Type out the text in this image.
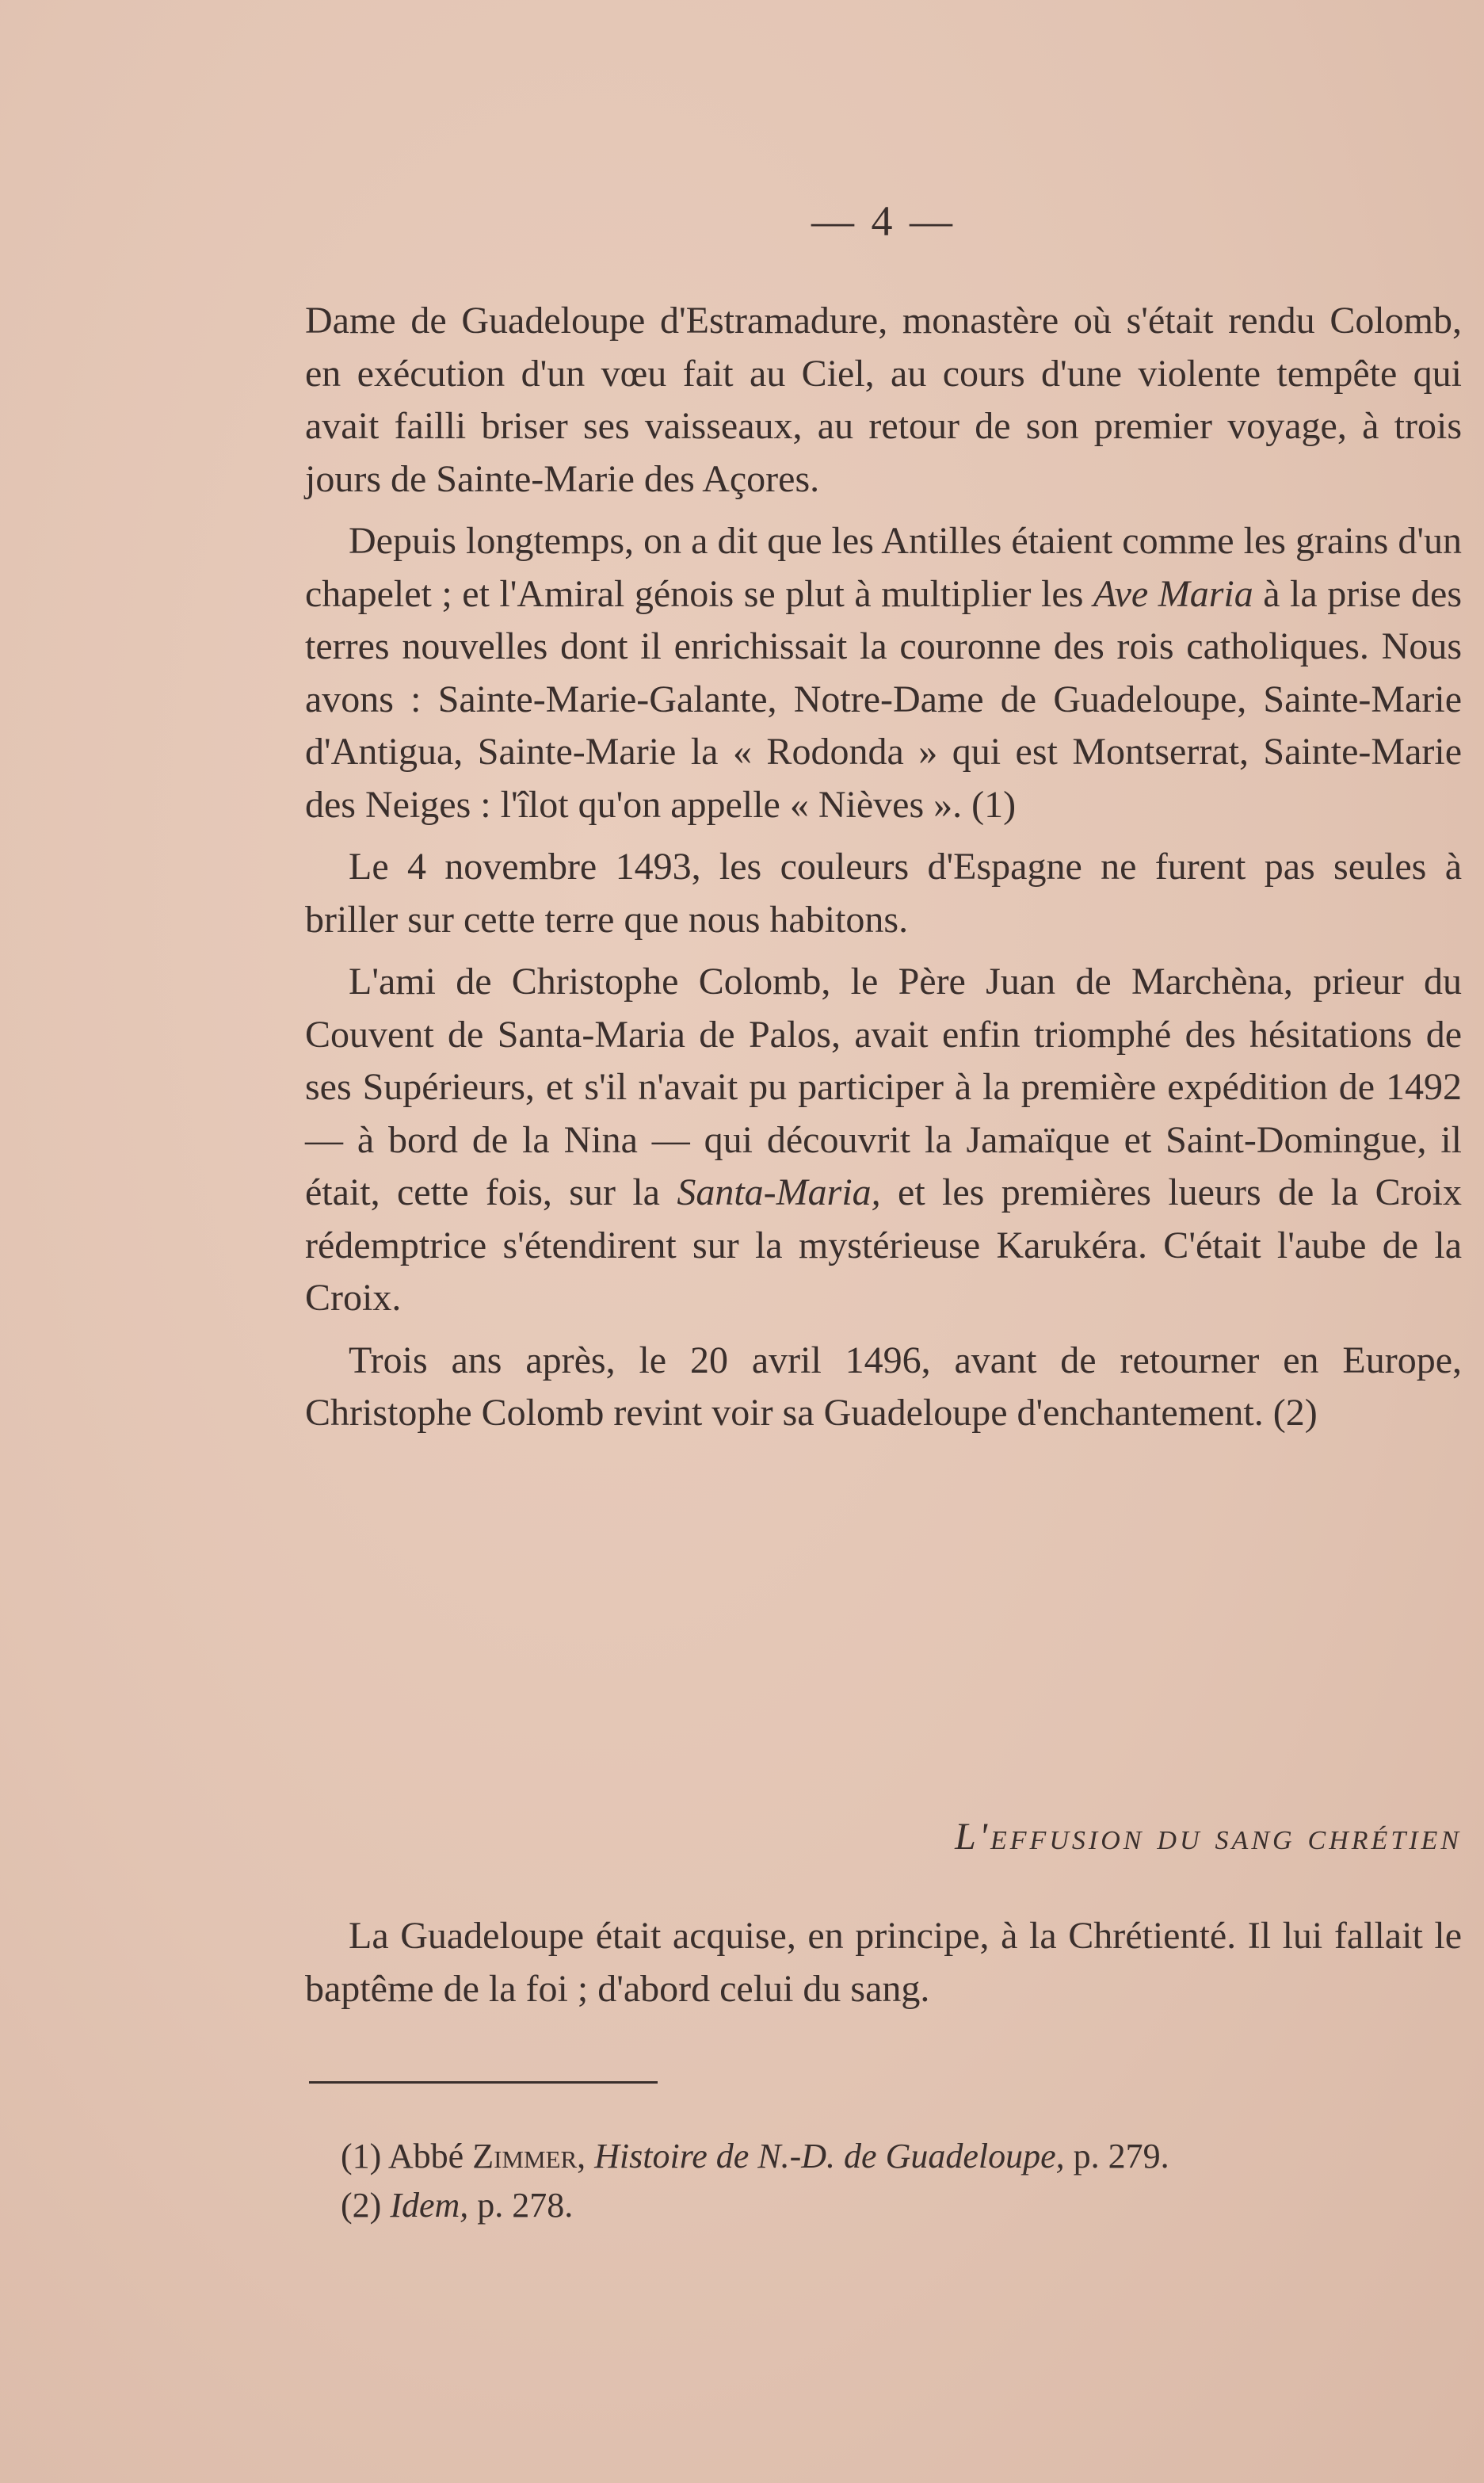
— 4 —

Dame de Guadeloupe d'Estramadure, monastère où s'était rendu Colomb, en exécution d'un vœu fait au Ciel, au cours d'une violente tempête qui avait failli briser ses vaisseaux, au retour de son premier voyage, à trois jours de Sainte-Marie des Açores.

Depuis longtemps, on a dit que les Antilles étaient comme les grains d'un chapelet ; et l'Amiral génois se plut à multiplier les Ave Maria à la prise des terres nouvelles dont il enrichissait la couronne des rois catholiques. Nous avons : Sainte-Marie-Galante, Notre-Dame de Guadeloupe, Sainte-Marie d'Antigua, Sainte-Marie la « Rodonda » qui est Montserrat, Sainte-Marie des Neiges : l'îlot qu'on appelle « Nièves ». (1)

Le 4 novembre 1493, les couleurs d'Espagne ne furent pas seules à briller sur cette terre que nous habitons.

L'ami de Christophe Colomb, le Père Juan de Marchèna, prieur du Couvent de Santa-Maria de Palos, avait enfin triomphé des hésitations de ses Supérieurs, et s'il n'avait pu participer à la première expédition de 1492 — à bord de la Nina — qui découvrit la Jamaïque et Saint-Domingue, il était, cette fois, sur la Santa-Maria, et les premières lueurs de la Croix rédemptrice s'étendirent sur la mystérieuse Karukéra. C'était l'aube de la Croix.

Trois ans après, le 20 avril 1496, avant de retourner en Europe, Christophe Colomb revint voir sa Guadeloupe d'enchantement. (2)

L'effusion du sang chrétien

La Guadeloupe était acquise, en principe, à la Chrétienté. Il lui fallait le baptême de la foi ; d'abord celui du sang.

(1) Abbé Zimmer, Histoire de N.-D. de Guadeloupe, p. 279.
(2) Idem, p. 278.
